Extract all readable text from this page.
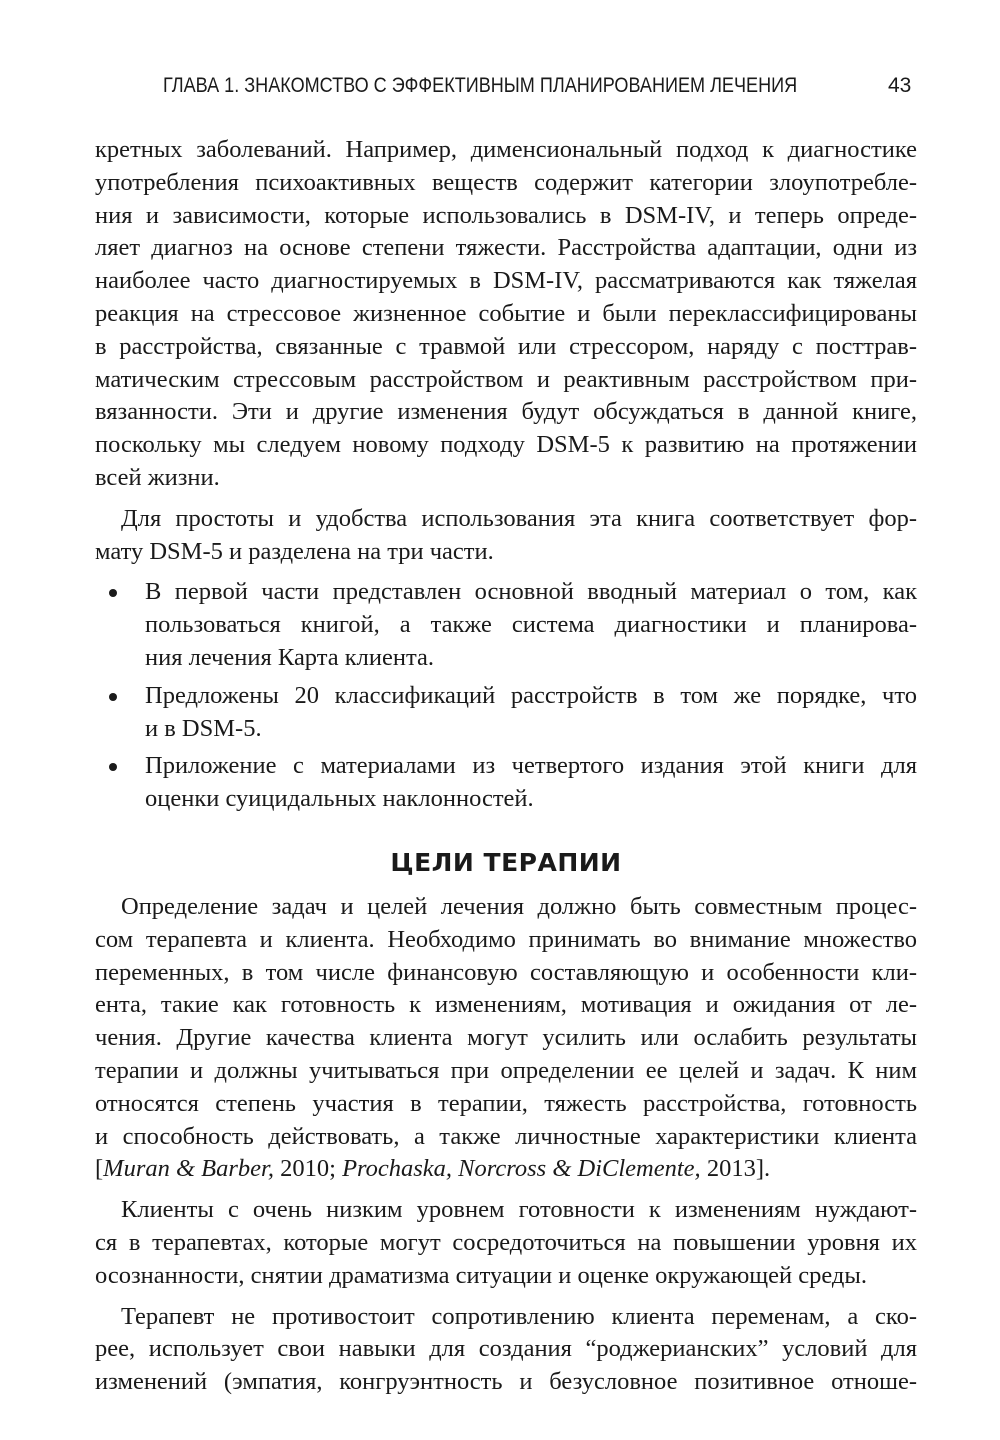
ГЛАВА 1. ЗНАКОМСТВО С ЭФФЕКТИВНЫМ ПЛАНИРОВАНИЕМ ЛЕЧЕНИЯ	43
кретных заболеваний. Например, дименсиональный подход к диагностике
употребления психоактивных веществ содержит категории злоупотребле-
ния и зависимости, которые использовались в DSM-IV, и теперь опреде-
ляет диагноз на основе степени тяжести. Расстройства адаптации, одни из
наиболее часто диагностируемых в DSM-IV, рассматриваются как тяжелая
реакция на стрессовое жизненное событие и были переклассифицированы
в расстройства, связанные с травмой или стрессором, наряду с посттрав-
матическим стрессовым расстройством и реактивным расстройством при-
вязанности. Эти и другие изменения будут обсуждаться в данной книге,
поскольку мы следуем новому подходу DSM-5 к развитию на протяжении
всей жизни.
Для простоты и удобства использования эта книга соответствует фор-
мату DSM-5 и разделена на три части.
В первой части представлен основной вводный материал о том, как
пользоваться книгой, а также система диагностики и планирова-
ния лечения Карта клиента.
Предложены 20 классификаций расстройств в том же порядке, что
и в DSM-5.
Приложение с материалами из четвертого издания этой книги для
оценки суицидальных наклонностей.
ЦЕЛИ ТЕРАПИИ
Определение задач и целей лечения должно быть совместным процес-
сом терапевта и клиента. Необходимо принимать во внимание множество
переменных, в том числе финансовую составляющую и особенности кли-
ента, такие как готовность к изменениям, мотивация и ожидания от ле-
чения. Другие качества клиента могут усилить или ослабить результаты
терапии и должны учитываться при определении ее целей и задач. К ним
относятся степень участия в терапии, тяжесть расстройства, готовность
и способность действовать, а также личностные характеристики клиента
[Muran & Barber, 2010; Prochaska, Norcross & DiClemente, 2013].
Клиенты с очень низким уровнем готовности к изменениям нуждают-
ся в терапевтах, которые могут сосредоточиться на повышении уровня их
осознанности, снятии драматизма ситуации и оценке окружающей среды.
Терапевт не противостоит сопротивлению клиента переменам, а ско-
рее, использует свои навыки для создания “роджерианских” условий для
изменений (эмпатия, конгруэнтность и безусловное позитивное отноше-
